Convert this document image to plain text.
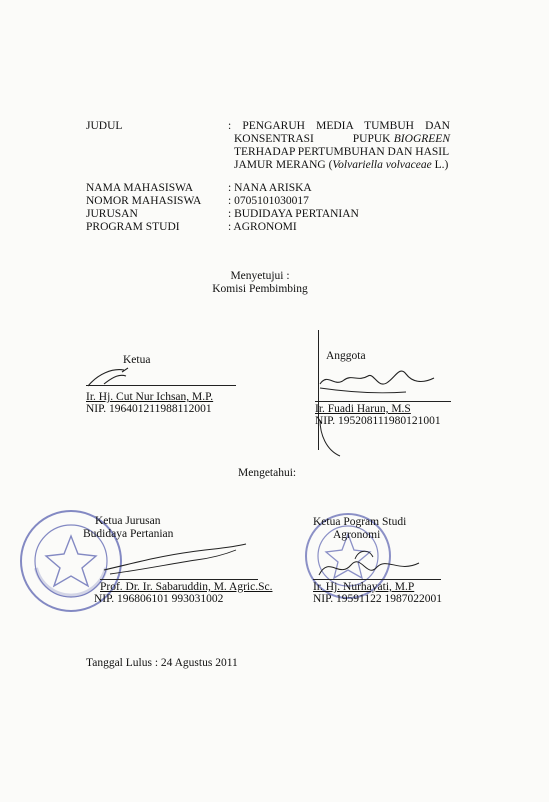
JUDUL	: PENGARUH MEDIA TUMBUH DAN
KONSENTRASI PUPUK BIOGREEN
TERHADAP PERTUMBUHAN DAN HASIL
JAMUR MERANG (Volvariella volvaceae L.)
NAMA MAHASISWA
NOMOR MAHASISWA
JURUSAN
PROGRAM STUDI
: NANA ARISKA
: 0705101030017
: BUDIDAYA PERTANIAN
: AGRONOMI
Menyetujui :
Komisi Pembimbing
Ketua
Ir. Hj. Cut Nur Ichsan, M.P.
NIP. 196401211988112001
Anggota
Ir. Fuadi Harun, M.S
NIP. 195208111980121001
Mengetahui:
Ketua Jurusan
Budidaya Pertanian
Prof. Dr. Ir. Sabaruddin, M. Agric.Sc.
NIP. 196806101 993031002
Ketua Pogram Studi
Agronomi
Ir. Hj. Nurhayati, M.P
NIP. 19591122 1987022001
Tanggal Lulus : 24 Agustus 2011
